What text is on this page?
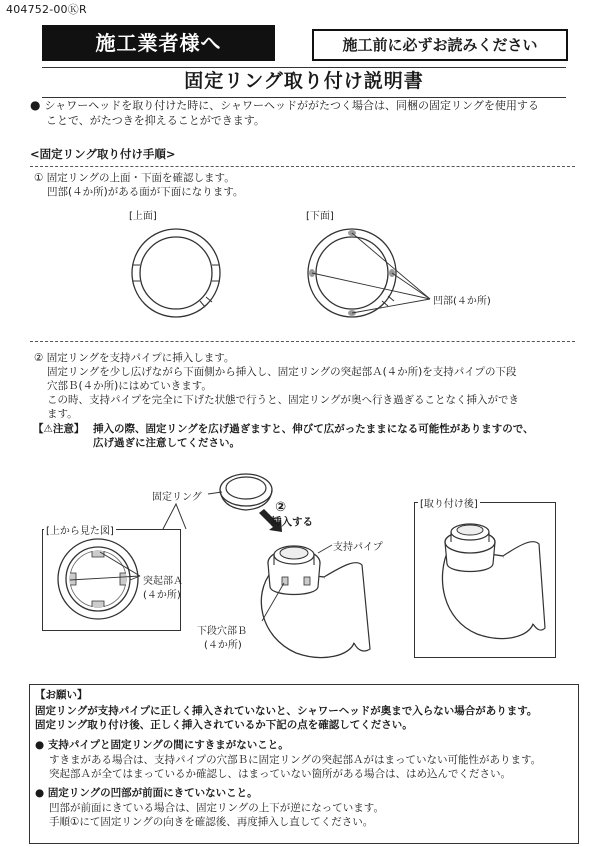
404752-00ⓀR
施工業者様へ	施工前に必ずお読みください
固定リング取り付け説明書
● シャワーヘッドを取り付けた時に、シャワーヘッドががたつく場合は、同梱の固定リングを使用する
ことで、がたつきを抑えることができます。
<固定リング取り付け手順>
① 固定リングの上面・下面を確認します。
凹部(４か所)がある面が下面になります。
[上面]	[下面]
凹部(４か所)
② 固定リングを支持パイプに挿入します。
固定リングを少し広げながら下面側から挿入し、固定リングの突起部Ａ(４か所)を支持パイプの下段
穴部Ｂ(４か所)にはめていきます。
この時、支持パイプを完全に下げた状態で行うと、固定リングが奥へ行き過ぎることなく挿入ができ
ます。
【⚠注意】 挿入の際、固定リングを広げ過ぎますと、伸びて広がったままになる可能性がありますので、
広げ過ぎに注意してください。
固定リング
②
挿入する
[上から見た図]
突起部Ａ
(４か所)
支持パイプ
下段穴部Ｂ
(４か所)
[取り付け後]
【お願い】
固定リングが支持パイプに正しく挿入されていないと、シャワーヘッドが奥まで入らない場合があります。
固定リング取り付け後、正しく挿入されているか下記の点を確認してください。
● 支持パイプと固定リングの間にすきまがないこと。
すきまがある場合は、支持パイプの穴部Ｂに固定リングの突起部Ａがはまっていない可能性があります。
突起部Ａが全てはまっているか確認し、はまっていない箇所がある場合は、はめ込んでください。
● 固定リングの凹部が前面にきていないこと。
凹部が前面にきている場合は、固定リングの上下が逆になっています。
手順①にて固定リングの向きを確認後、再度挿入し直してください。
